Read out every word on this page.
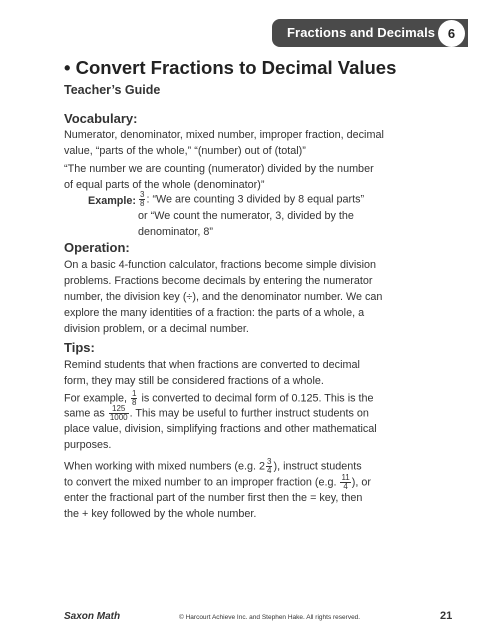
Fractions and Decimals 6
• Convert Fractions to Decimal Values
Teacher’s Guide
Vocabulary:
Numerator, denominator, mixed number, improper fraction, decimal
value, “parts of the whole,” “(number) out of (total)”
“The number we are counting (numerator) divided by the number
of equal parts of the whole (denominator)”
Example: $\frac{3}{8}$ : “We are counting 3 divided by 8 equal parts”
or “We count the numerator, 3, divided by the
denominator, 8”
Operation:
On a basic 4-function calculator, fractions become simple division
problems. Fractions become decimals by entering the numerator
number, the division key (÷), and the denominator number. We can
explore the many identities of a fraction: the parts of a whole, a
division problem, or a decimal number.
Tips:
Remind students that when fractions are converted to decimal
form, they may still be considered fractions of a whole.
For example, $\frac{1}{8}$ is converted to decimal form of 0.125. This is the
same as $\frac{125}{1000}$ . This may be useful to further instruct students on
place value, division, simplifying fractions and other mathematical
purposes.
When working with mixed numbers (e.g. $2 \frac{3}{4}$ ), instruct students
to convert the mixed number to an improper fraction (e.g. $\frac{11}{4}$ ), or
enter the fractional part of the number first then the = key, then
the + key followed by the whole number.
Saxon Math	© Harcourt Achieve Inc. and Stephen Hake. All rights reserved.	21
